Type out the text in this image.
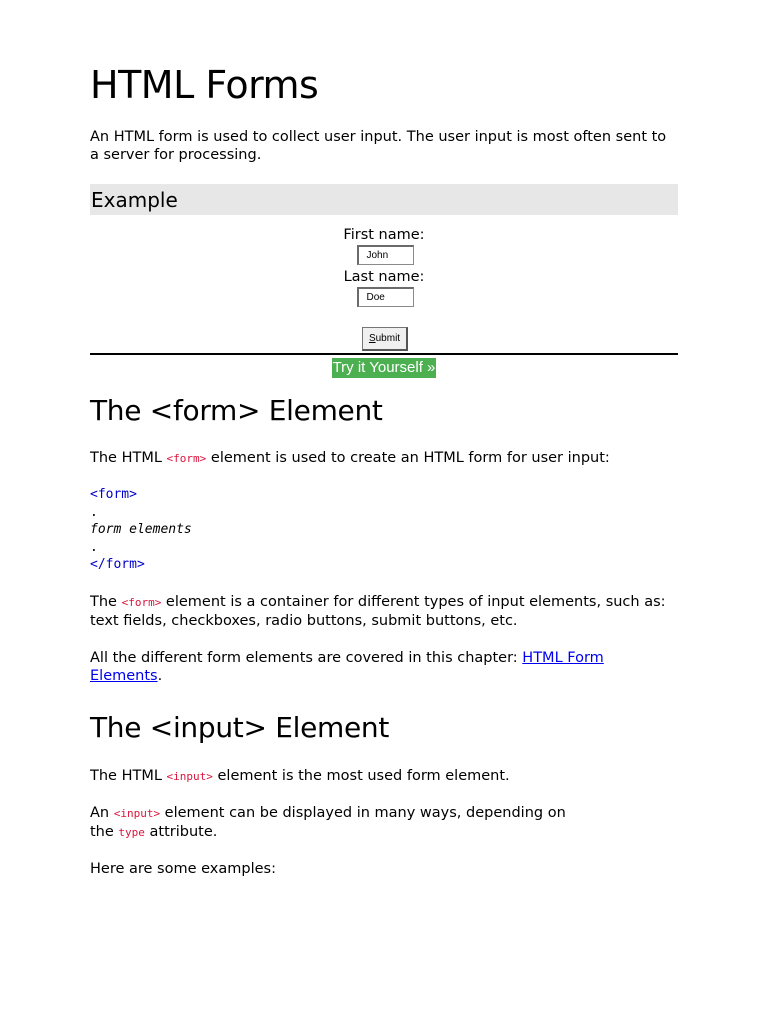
HTML Forms

An HTML form is used to collect user input. The user input is most often sent to a server for processing.

Example
First name:
John
Last name:
Doe
Submit
Try it Yourself »
The <form> Element

The HTML <form> element is used to create an HTML form for user input:

<form>
.
form elements
.
</form>

The <form> element is a container for different types of input elements, such as: text fields, checkboxes, radio buttons, submit buttons, etc.

All the different form elements are covered in this chapter: HTML Form Elements.

The <input> Element

The HTML <input> element is the most used form element.

An <input> element can be displayed in many ways, depending on
the type attribute.

Here are some examples:
